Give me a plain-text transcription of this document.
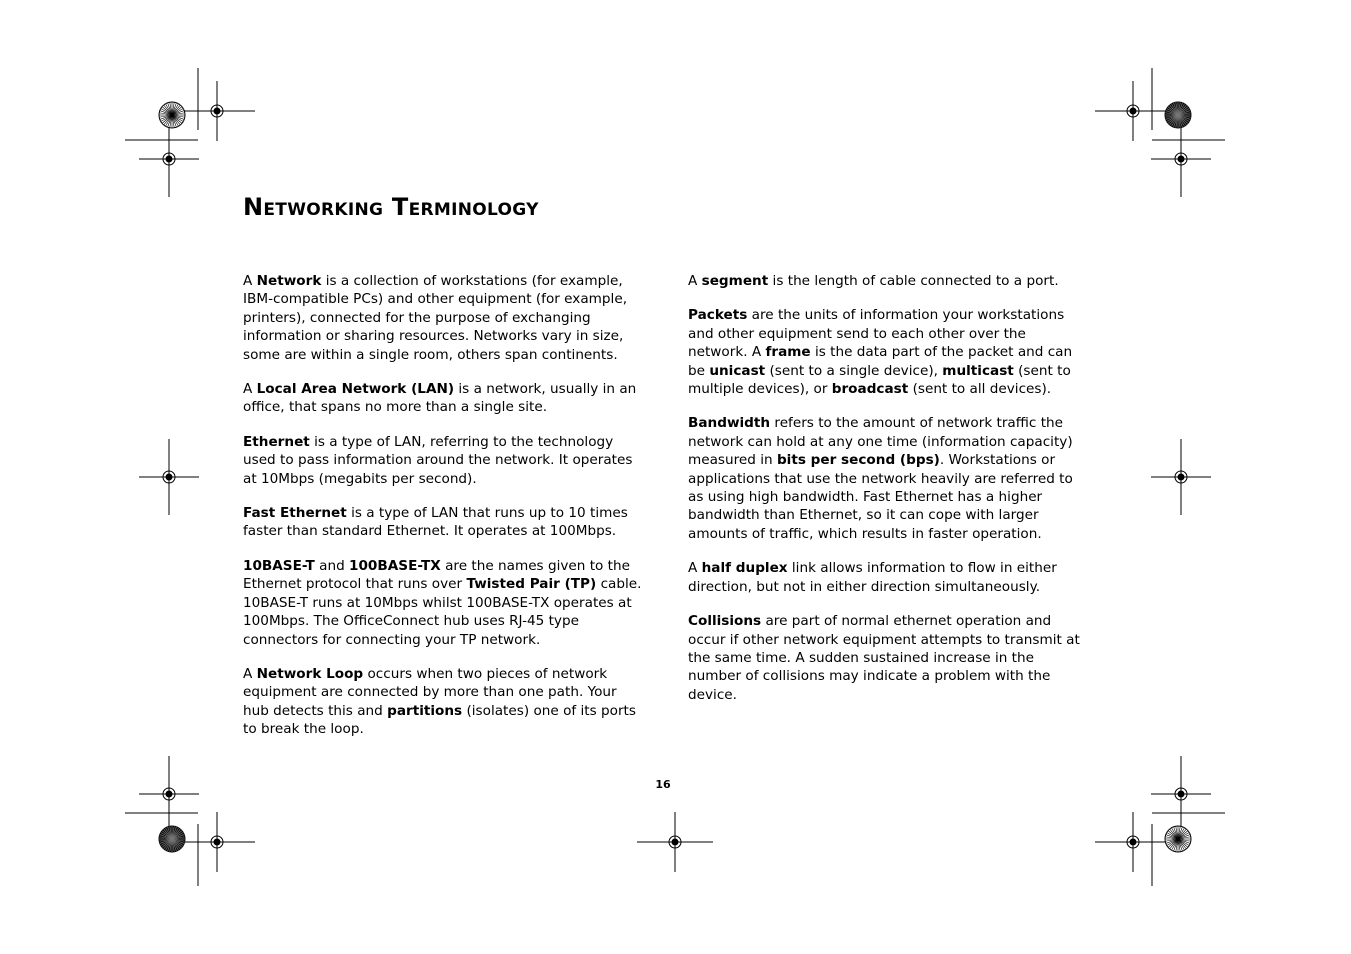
Networking Terminology

A Network is a collection of workstations (for example, IBM-compatible PCs) and other equipment (for example, printers), connected for the purpose of exchanging information or sharing resources. Networks vary in size, some are within a single room, others span continents.

A Local Area Network (LAN) is a network, usually in an office, that spans no more than a single site.

Ethernet is a type of LAN, referring to the technology used to pass information around the network. It operates at 10Mbps (megabits per second).

Fast Ethernet is a type of LAN that runs up to 10 times faster than standard Ethernet. It operates at 100Mbps.

10BASE-T and 100BASE-TX are the names given to the Ethernet protocol that runs over Twisted Pair (TP) cable. 10BASE-T runs at 10Mbps whilst 100BASE-TX operates at 100Mbps. The OfficeConnect hub uses RJ-45 type connectors for connecting your TP network.

A Network Loop occurs when two pieces of network equipment are connected by more than one path. Your hub detects this and partitions (isolates) one of its ports to break the loop.

A segment is the length of cable connected to a port.

Packets are the units of information your workstations and other equipment send to each other over the network. A frame is the data part of the packet and can be unicast (sent to a single device), multicast (sent to multiple devices), or broadcast (sent to all devices).

Bandwidth refers to the amount of network traffic the network can hold at any one time (information capacity) measured in bits per second (bps). Workstations or applications that use the network heavily are referred to as using high bandwidth. Fast Ethernet has a higher bandwidth than Ethernet, so it can cope with larger amounts of traffic, which results in faster operation.

A half duplex link allows information to flow in either direction, but not in either direction simultaneously.

Collisions are part of normal ethernet operation and occur if other network equipment attempts to transmit at the same time. A sudden sustained increase in the number of collisions may indicate a problem with the device.

16
